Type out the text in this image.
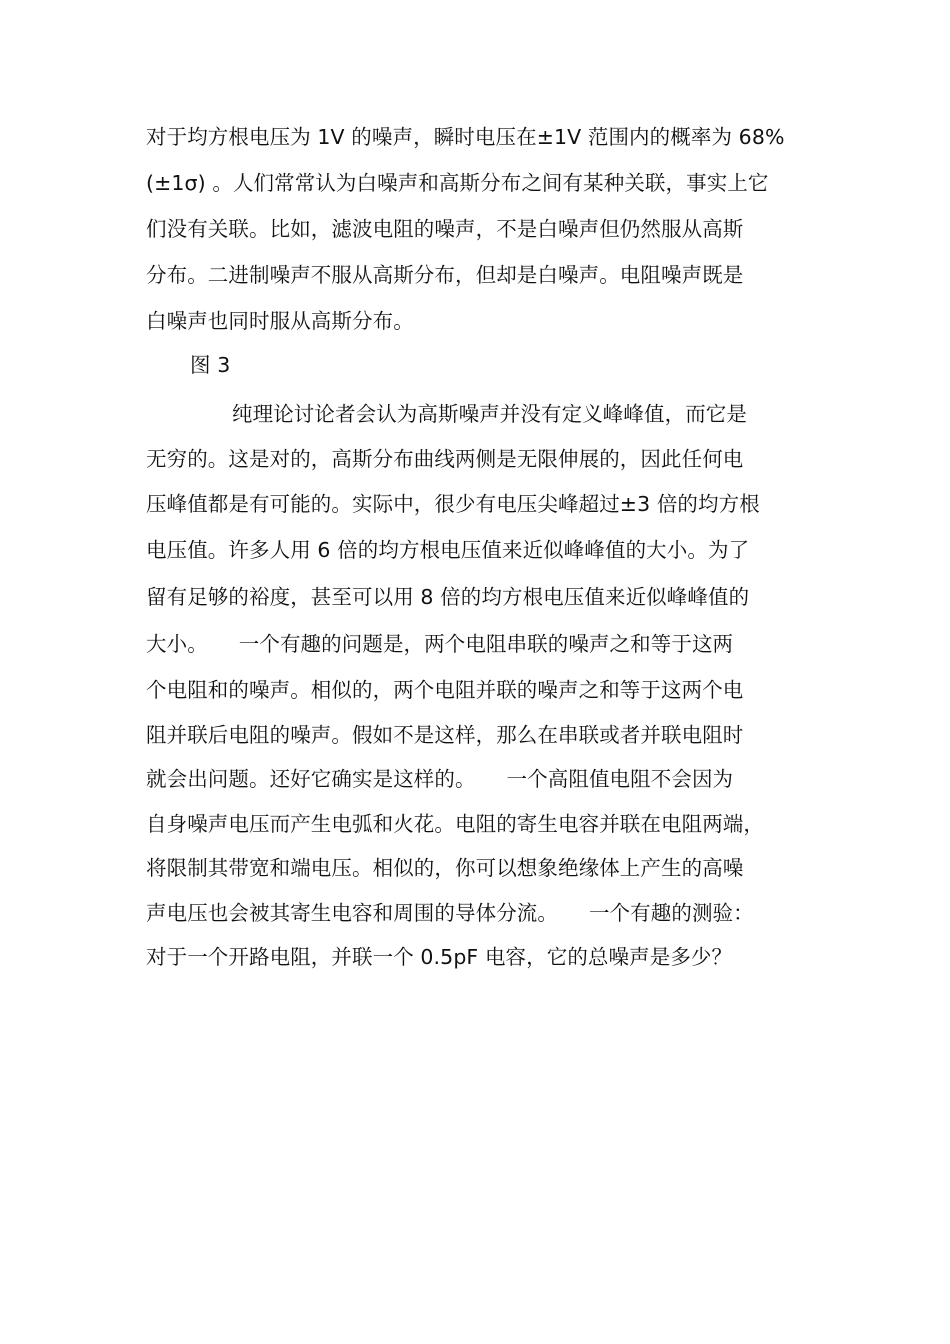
对于均方根电压为 1V 的噪声，瞬时电压在±1V 范围内的概率为 68%
(±1σ) 。人们常常认为白噪声和高斯分布之间有某种关联，事实上它
们没有关联。比如，滤波电阻的噪声，不是白噪声但仍然服从高斯
分布。二进制噪声不服从高斯分布，但却是白噪声。电阻噪声既是
白噪声也同时服从高斯分布。
图 3
纯理论讨论者会认为高斯噪声并没有定义峰峰值，而它是
无穷的。这是对的，高斯分布曲线两侧是无限伸展的，因此任何电
压峰值都是有可能的。实际中，很少有电压尖峰超过±3 倍的均方根
电压值。许多人用 6 倍的均方根电压值来近似峰峰值的大小。为了
留有足够的裕度，甚至可以用 8 倍的均方根电压值来近似峰峰值的
大小。　　一个有趣的问题是，两个电阻串联的噪声之和等于这两
个电阻和的噪声。相似的，两个电阻并联的噪声之和等于这两个电
阻并联后电阻的噪声。假如不是这样，那么在串联或者并联电阻时
就会出问题。还好它确实是这样的。　　一个高阻值电阻不会因为
自身噪声电压而产生电弧和火花。电阻的寄生电容并联在电阻两端，
将限制其带宽和端电压。相似的，你可以想象绝缘体上产生的高噪
声电压也会被其寄生电容和周围的导体分流。　　一个有趣的测验：
对于一个开路电阻，并联一个 0.5pF 电容，它的总噪声是多少？
